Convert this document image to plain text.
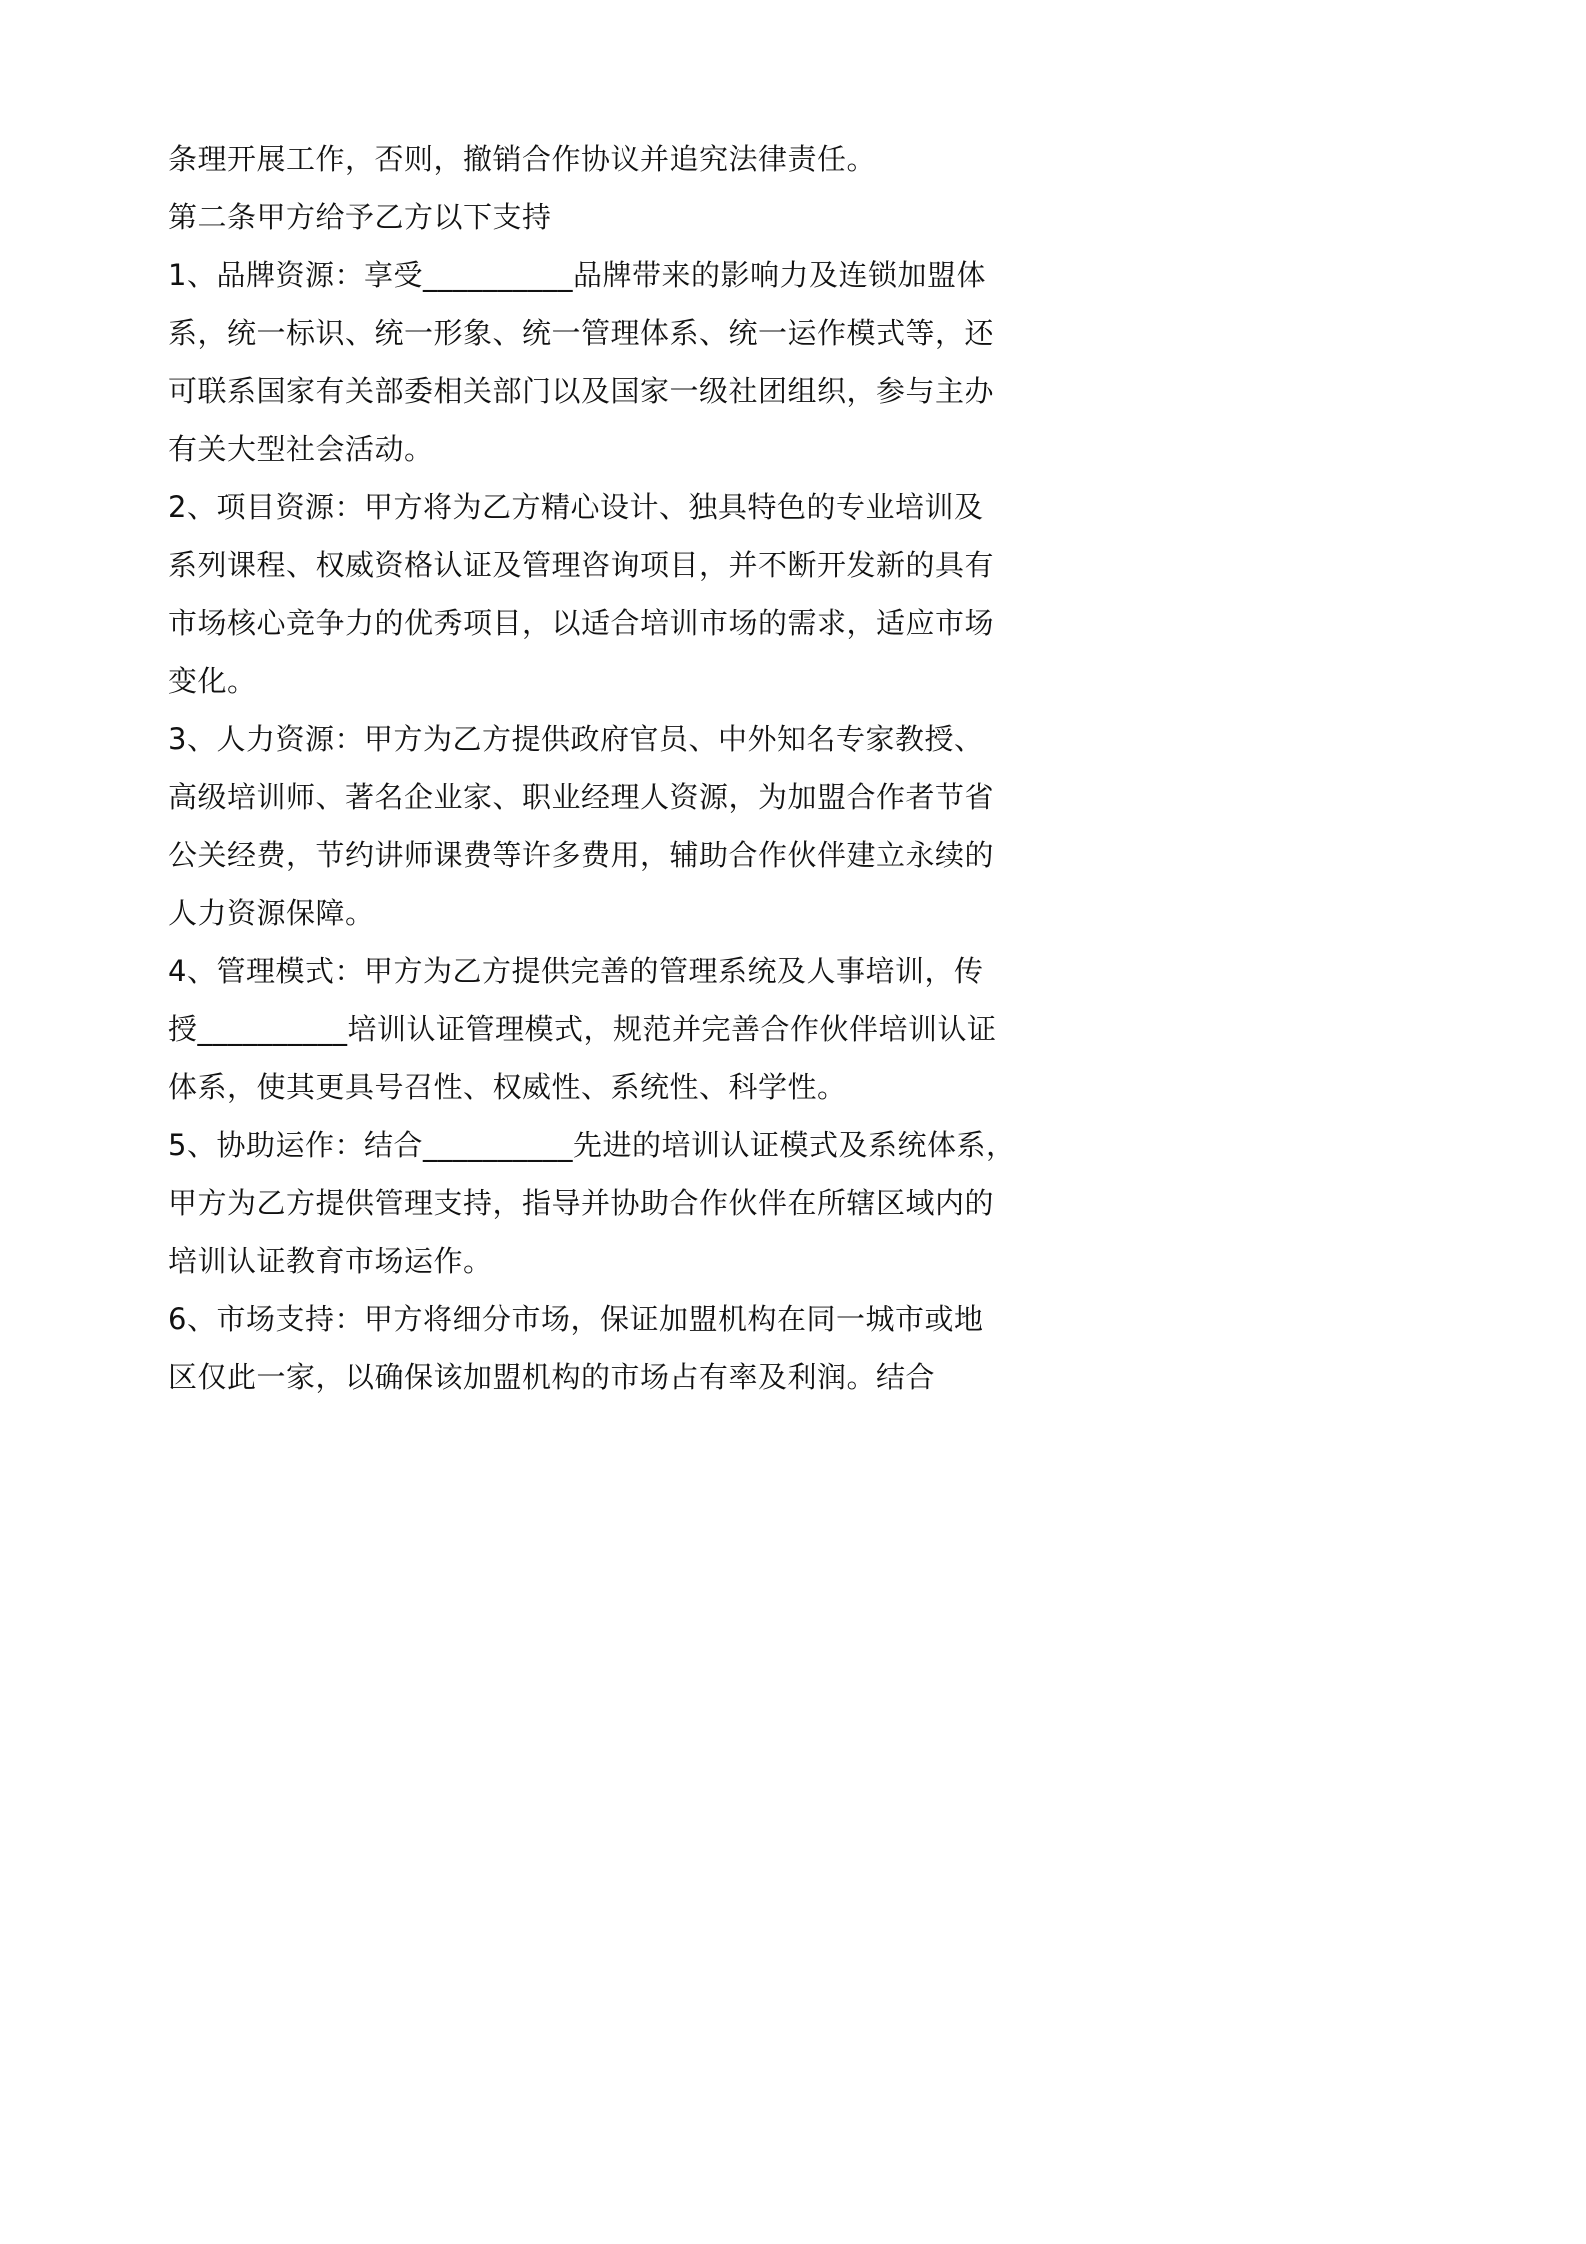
条理开展工作，否则，撤销合作协议并追究法律责任。
第二条甲方给予乙方以下支持
1、品牌资源：享受__________品牌带来的影响力及连锁加盟体
系，统一标识、统一形象、统一管理体系、统一运作模式等，还
可联系国家有关部委相关部门以及国家一级社团组织，参与主办
有关大型社会活动。
2、项目资源：甲方将为乙方精心设计、独具特色的专业培训及
系列课程、权威资格认证及管理咨询项目，并不断开发新的具有
市场核心竞争力的优秀项目，以适合培训市场的需求，适应市场
变化。
3、人力资源：甲方为乙方提供政府官员、中外知名专家教授、
高级培训师、著名企业家、职业经理人资源，为加盟合作者节省
公关经费，节约讲师课费等许多费用，辅助合作伙伴建立永续的
人力资源保障。
4、管理模式：甲方为乙方提供完善的管理系统及人事培训，传
授__________培训认证管理模式，规范并完善合作伙伴培训认证
体系，使其更具号召性、权威性、系统性、科学性。
5、协助运作：结合__________先进的培训认证模式及系统体系，
甲方为乙方提供管理支持，指导并协助合作伙伴在所辖区域内的
培训认证教育市场运作。
6、市场支持：甲方将细分市场，保证加盟机构在同一城市或地
区仅此一家，以确保该加盟机构的市场占有率及利润。结合
